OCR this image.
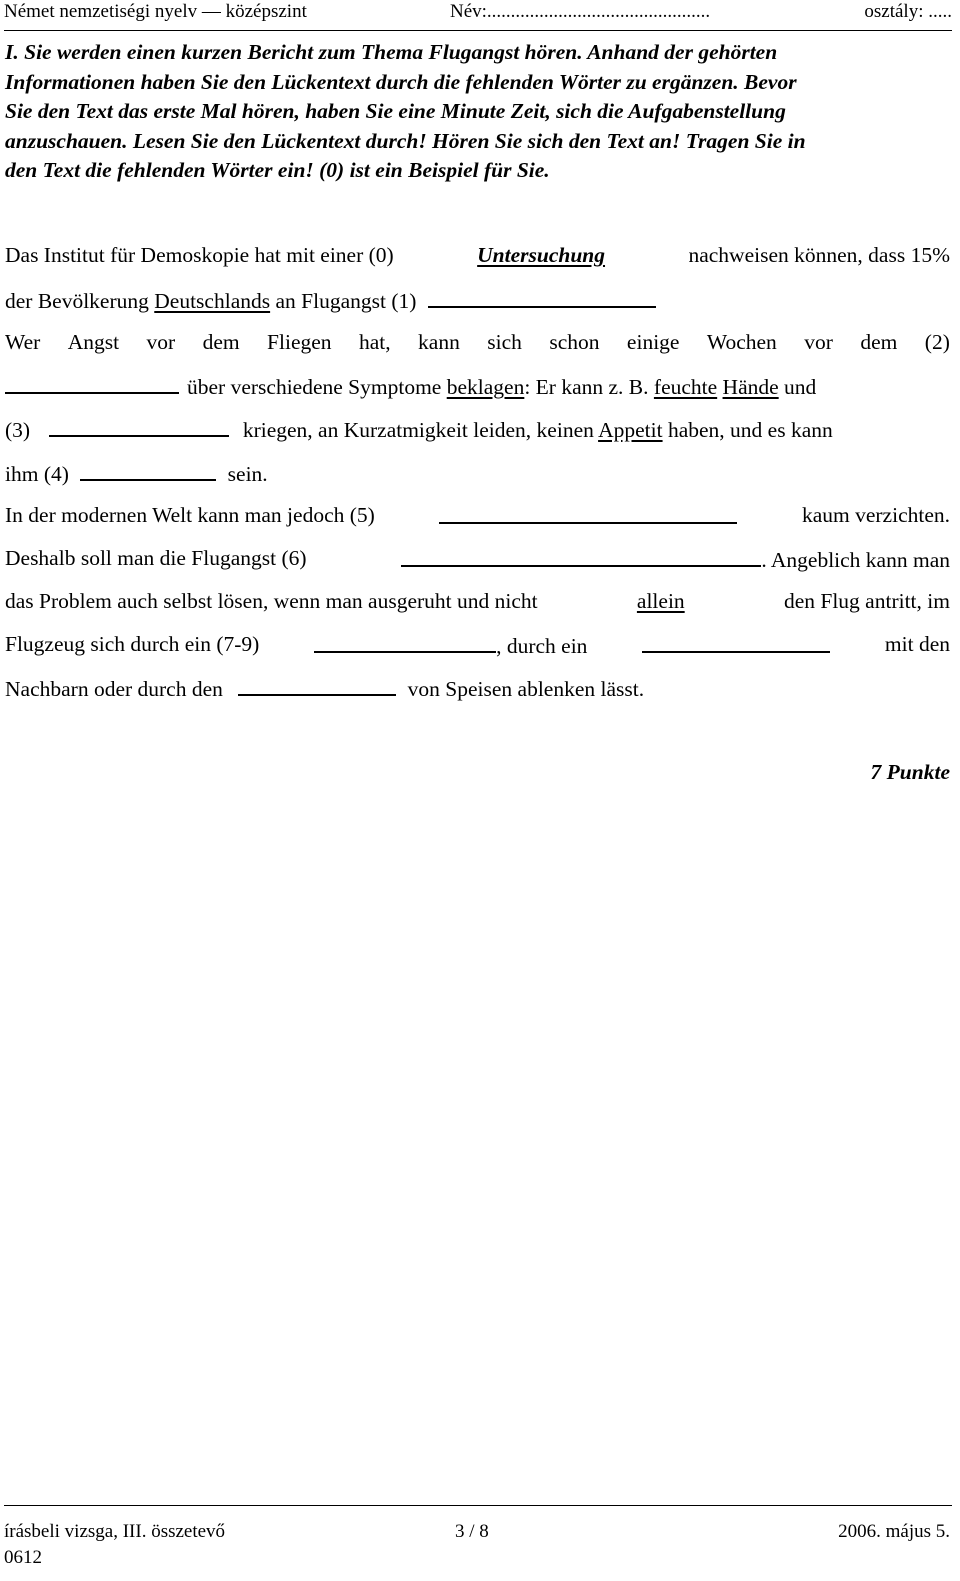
Német nemzetiségi nyelv — középszint	Név:...............................................	osztály: .....
I. Sie werden einen kurzen Bericht zum Thema Flugangst hören. Anhand der gehörten
Informationen haben Sie den Lückentext durch die fehlenden Wörter zu ergänzen. Bevor
Sie den Text das erste Mal hören, haben Sie eine Minute Zeit, sich die Aufgabenstellung
anzuschauen. Lesen Sie den Lückentext durch! Hören Sie sich den Text an! Tragen Sie in
den Text die fehlenden Wörter ein! (0) ist ein Beispiel für Sie.
Das Institut für Demoskopie hat mit einer (0)	Untersuchung	nachweisen können, dass 15%
der Bevölkerung Deutschlands an Flugangst (1)
Wer Angst vor dem Fliegen hat, kann sich schon einige Wochen vor dem (2)
über verschiedene Symptome beklagen: Er kann z. B. feuchte Hände und
(3)	kriegen, an Kurzatmigkeit leiden, keinen Appetit haben, und es kann
ihm (4)	sein.
In der modernen Welt kann man jedoch (5)	kaum verzichten.
Deshalb soll man die Flugangst (6)	. Angeblich kann man
das Problem auch selbst lösen, wenn man ausgeruht und nicht	allein	den Flug antritt, im
Flugzeug sich durch ein (7-9)	, durch ein	mit den
Nachbarn oder durch den	von Speisen ablenken lässt.
7 Punkte
írásbeli vizsga, III. összetevő	3 / 8	2006. május 5.
0612
